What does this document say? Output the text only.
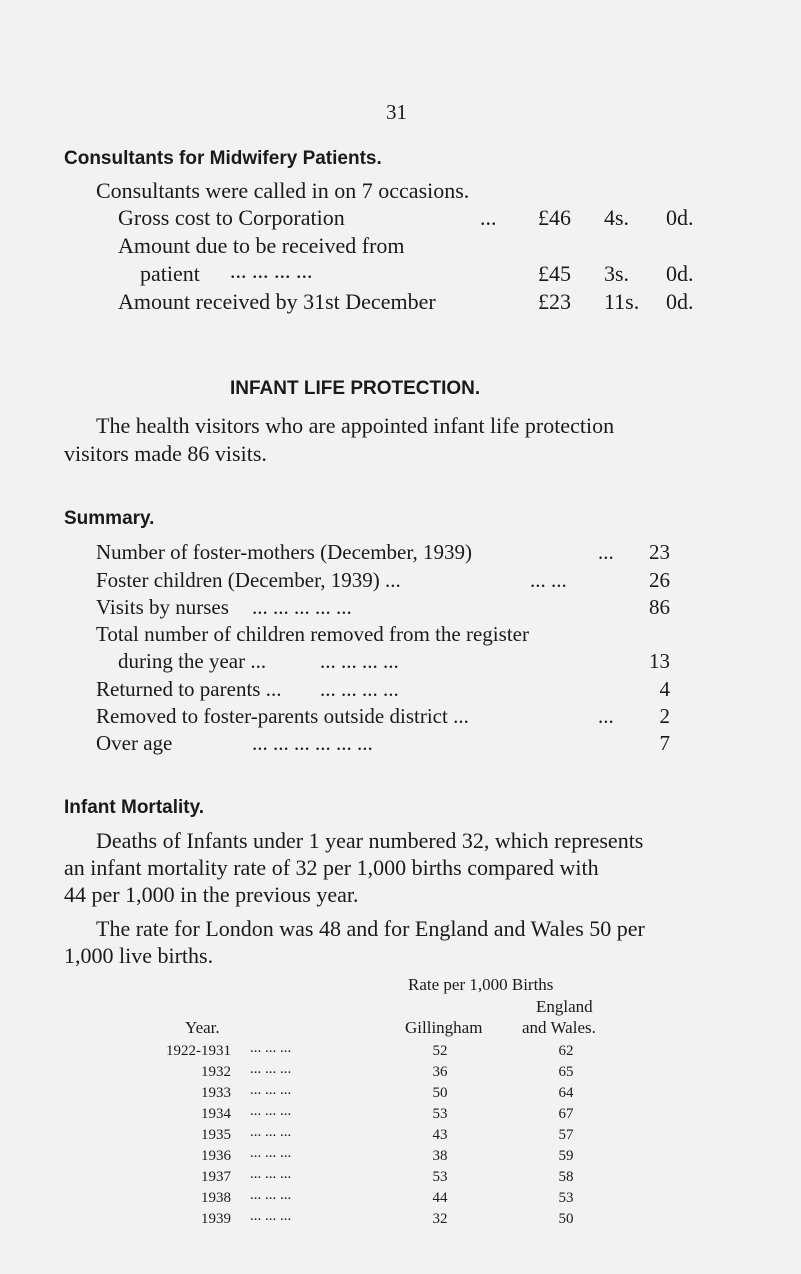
31
Consultants for Midwifery Patients.
Consultants were called in on 7 occasions.
Gross cost to Corporation	... £46 4s. 0d.
Amount due to be received from
patient ... ... ... ...	£45 3s. 0d.
Amount received by 31st December	£23 11s. 0d.
INFANT LIFE PROTECTION.
The health visitors who are appointed infant life protection
visitors made 86 visits.
Summary.
Number of foster-mothers (December, 1939)	...	23
Foster children (December, 1939) ...	... ...	26
Visits by nurses ... ... ... ... ...	86
Total number of children removed from the register
during the year ...	... ... ... ...	13
Returned to parents ... ... ... ... ...	4
Removed to foster-parents outside district ...	...	2
Over age	... ... ... ... ... ...	7
Infant Mortality.
Deaths of Infants under 1 year numbered 32, which represents
an infant mortality rate of 32 per 1,000 births compared with
44 per 1,000 in the previous year.
The rate for London was 48 and for England and Wales 50 per
1,000 live births.
Rate per 1,000 Births
England
Year.	Gillingham and Wales.
1922-1931 ... ... ...	52	62
1932 ... ... ...	36	65
1933 ... ... ...	50	64
1934 ... ... ...	53	67
1935 ... ... ...	43	57
1936 ... ... ...	38	59
1937 ... ... ...	53	58
1938 ... ... ...	44	53
1939 ... ... ...	32	50
